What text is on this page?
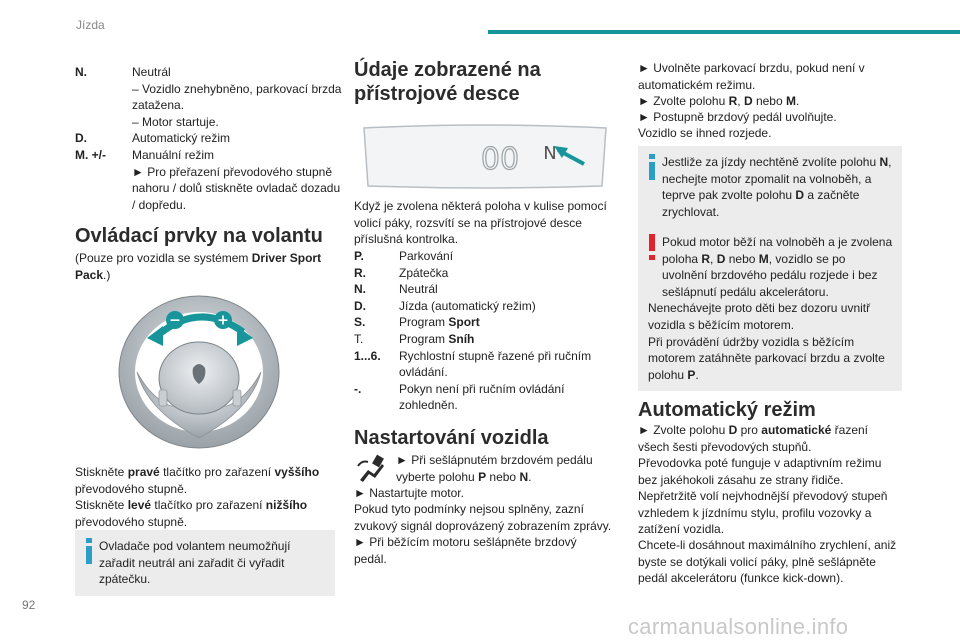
Jízda
92
carmanualsonline.info
N.	Neutrál
– Vozidlo znehybněno, parkovací brzda zatažena.
– Motor startuje.
D.	Automatický režim
M. +/-	Manuální režim
► Pro přeřazení převodového stupně nahoru / dolů stiskněte ovladač dozadu / dopředu.
Ovládací prvky na volantu

(Pouze pro vozidla se systémem Driver Sport Pack.)

−	+

Stiskněte pravé tlačítko pro zařazení vyššího převodového stupně.

Stiskněte levé tlačítko pro zařazení nižšího převodového stupně.

Ovladače pod volantem neumožňují zařadit neutrál ani zařadit či vyřadit zpátečku.
Údaje zobrazené na přístrojové desce
00 N

Když je zvolena některá poloha v kulise pomocí volicí páky, rozsvítí se na přístrojové desce příslušná kontrolka.

P.	Parkování
R.	Zpátečka
N.	Neutrál
D.	Jízda (automatický režim)
S.	Program Sport
T.	Program Sníh
1...6.	Rychlostní stupně řazené při ručním ovládání.
-.	Pokyn není při ručním ovládání zohledněn.
Nastartování vozidla

► Při sešlápnutém brzdovém pedálu vyberte polohu P nebo N.

► Nastartujte motor.

Pokud tyto podmínky nejsou splněny, zazní zvukový signál doprovázený zobrazením zprávy.

► Při běžícím motoru sešlápněte brzdový pedál.

► Uvolněte parkovací brzdu, pokud není v automatickém režimu.

► Zvolte polohu R, D nebo M.

► Postupně brzdový pedál uvolňujte.

Vozidlo se ihned rozjede.

Jestliže za jízdy nechtěně zvolíte polohu N, nechejte motor zpomalit na volnoběh, a teprve pak zvolte polohu D a začněte zrychlovat.
Pokud motor běží na volnoběh a je zvolena poloha R, D nebo M, vozidlo se po uvolnění brzdového pedálu rozjede i bez sešlápnutí pedálu akcelerátoru.
Nenechávejte proto děti bez dozoru uvnitř vozidla s běžícím motorem.
Při provádění údržby vozidla s běžícím motorem zatáhněte parkovací brzdu a zvolte polohu P.
Automatický režim

► Zvolte polohu D pro automatické řazení všech šesti převodových stupňů.

Převodovka poté funguje v adaptivním režimu bez jakéhokoli zásahu ze strany řidiče.

Nepřetržitě volí nejvhodnější převodový stupeň vzhledem k jízdnímu stylu, profilu vozovky a zatížení vozidla.

Chcete-li dosáhnout maximálního zrychlení, aniž byste se dotýkali volicí páky, plně sešlápněte pedál akcelerátoru (funkce kick-down).
